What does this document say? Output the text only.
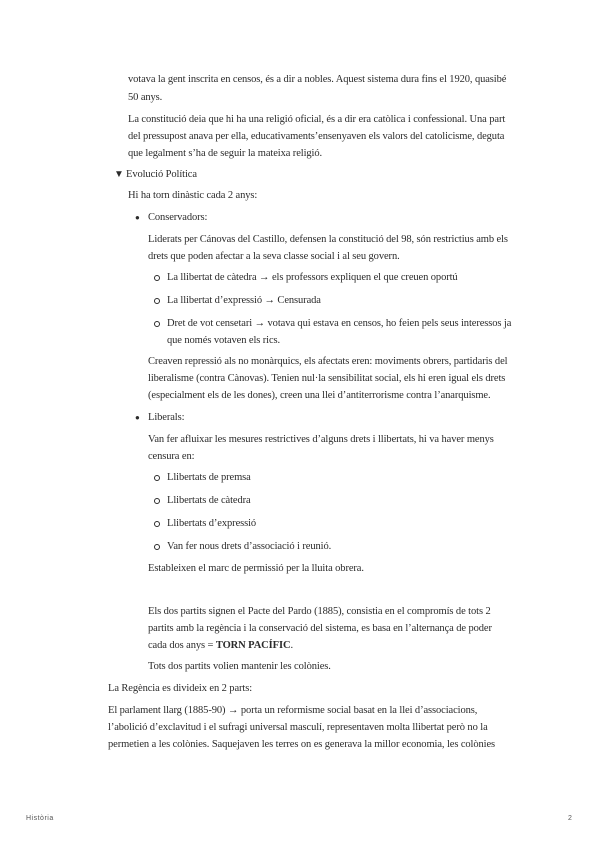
votava la gent inscrita en censos, és a dir a nobles. Aquest sistema dura fins el 1920, quasibé

50 anys.

La constitució deia que hi ha una religió oficial, és a dir era catòlica i confessional. Una part

del pressupost anava per ella, educativaments’ensenyaven els valors del catolicisme, deguta

que legalment s’ha de seguir la mateixa religió.

▼ Evolució Política

Hi ha torn dinàstic cada 2 anys:

● Conservadors:

Liderats per Cánovas del Castillo, defensen la constitució del 98, són restrictius amb els

drets que poden afectar a la seva classe social i al seu govern.

La llibertat de càtedra → els professors expliquen el que creuen oportú

La llibertat d’expressió → Censurada

Dret de vot censetari → votava qui estava en censos, ho feien pels seus interessos ja

que només votaven els rics.

Creaven repressió als no monàrquics, els afectats eren: moviments obrers, partidaris del

liberalisme (contra Cànovas). Tenien nul·la sensibilitat social, els hi eren igual els drets

(especialment els de les dones), creen una llei d’antiterrorisme contra l’anarquisme.

● Liberals:

Van fer afluixar les mesures restrictives d’alguns drets i llibertats, hi va haver menys

censura en:

Llibertats de premsa

Llibertats de càtedra

Llibertats d’expressió

Van fer nous drets d’associació i reunió.

Estableixen el marc de permissió per la lluita obrera.

Els dos partits signen el Pacte del Pardo (1885), consistia en el compromís de tots 2

partits amb la regència i la conservació del sistema, es basa en l’alternança de poder

cada dos anys = TORN PACÍFIC.

Tots dos partits volien mantenir les colònies.

La Regència es divideix en 2 parts:

El parlament llarg (1885-90) → porta un reformisme social basat en la llei d’associacions,

l’abolició d’exclavitud i el sufragi universal masculí, representaven molta llibertat però no la

permetien a les colònies. Saquejaven les terres on es generava la millor economia, les colònies

Història	2
